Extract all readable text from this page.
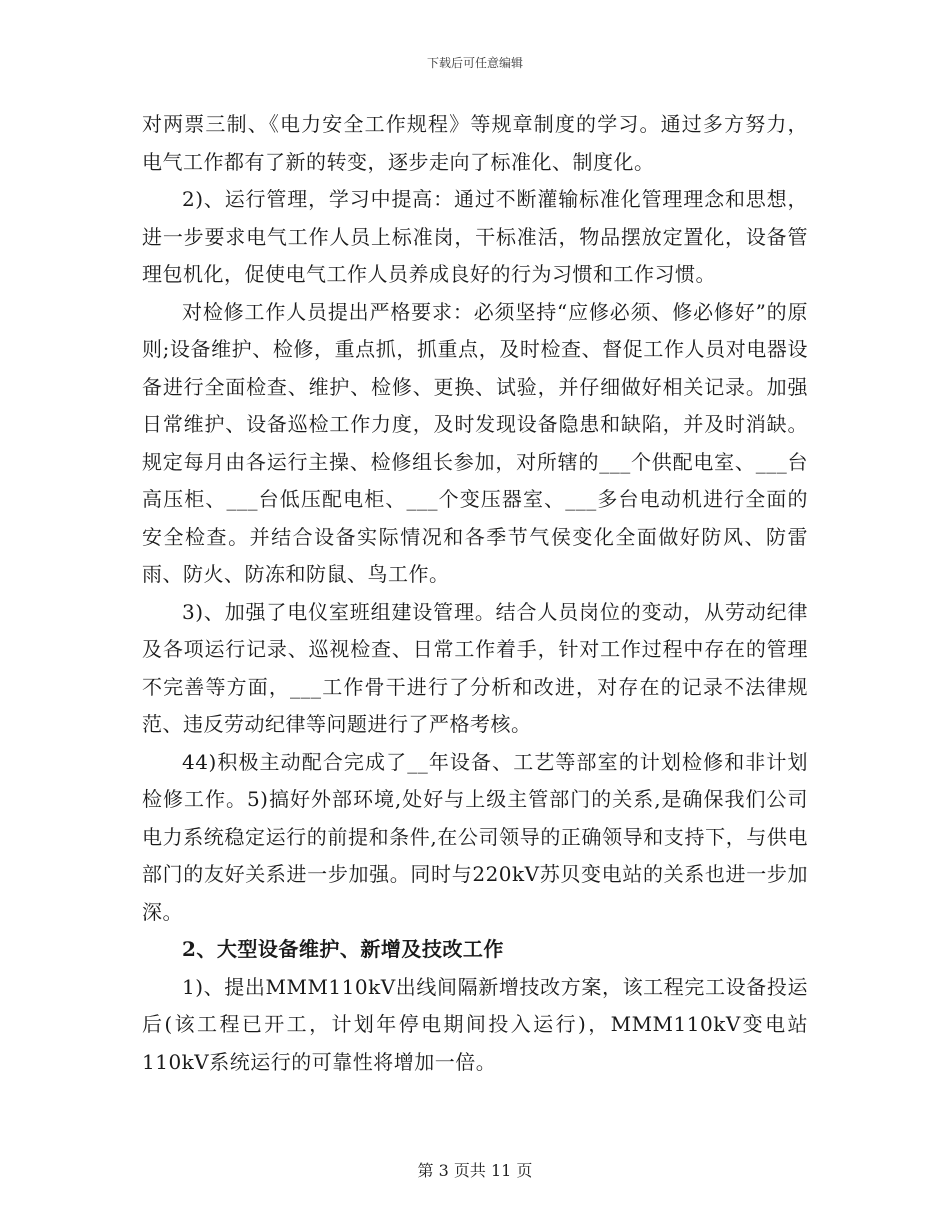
下载后可任意编辑

对两票三制、《电力安全工作规程》等规章制度的学习。通过多方努力，电气工作都有了新的转变，逐步走向了标准化、制度化。

2)、运行管理，学习中提高：通过不断灌输标准化管理理念和思想，进一步要求电气工作人员上标准岗，干标准活，物品摆放定置化，设备管理包机化，促使电气工作人员养成良好的行为习惯和工作习惯。

对检修工作人员提出严格要求：必须坚持“应修必须、修必修好”的原则;设备维护、检修，重点抓，抓重点，及时检查、督促工作人员对电器设备进行全面检查、维护、检修、更换、试验，并仔细做好相关记录。加强日常维护、设备巡检工作力度，及时发现设备隐患和缺陷，并及时消缺。规定每月由各运行主操、检修组长参加，对所辖的___个供配电室、___台高压柜、___台低压配电柜、___个变压器室、___多台电动机进行全面的安全检查。并结合设备实际情况和各季节气侯变化全面做好防风、防雷雨、防火、防冻和防鼠、鸟工作。

3)、加强了电仪室班组建设管理。结合人员岗位的变动，从劳动纪律及各项运行记录、巡视检查、日常工作着手，针对工作过程中存在的管理不完善等方面，___工作骨干进行了分析和改进，对存在的记录不法律规范、违反劳动纪律等问题进行了严格考核。

44)积极主动配合完成了__年设备、工艺等部室的计划检修和非计划检修工作。5)搞好外部环境,处好与上级主管部门的关系,是确保我们公司电力系统稳定运行的前提和条件,在公司领导的正确领导和支持下，与供电部门的友好关系进一步加强。同时与220kV苏贝变电站的关系也进一步加深。

2、大型设备维护、新增及技改工作

1)、提出MMM110kV出线间隔新增技改方案，该工程完工设备投运后(该工程已开工，计划年停电期间投入运行)，MMM110kV变电站110kV系统运行的可靠性将增加一倍。

第 3 页共 11 页
